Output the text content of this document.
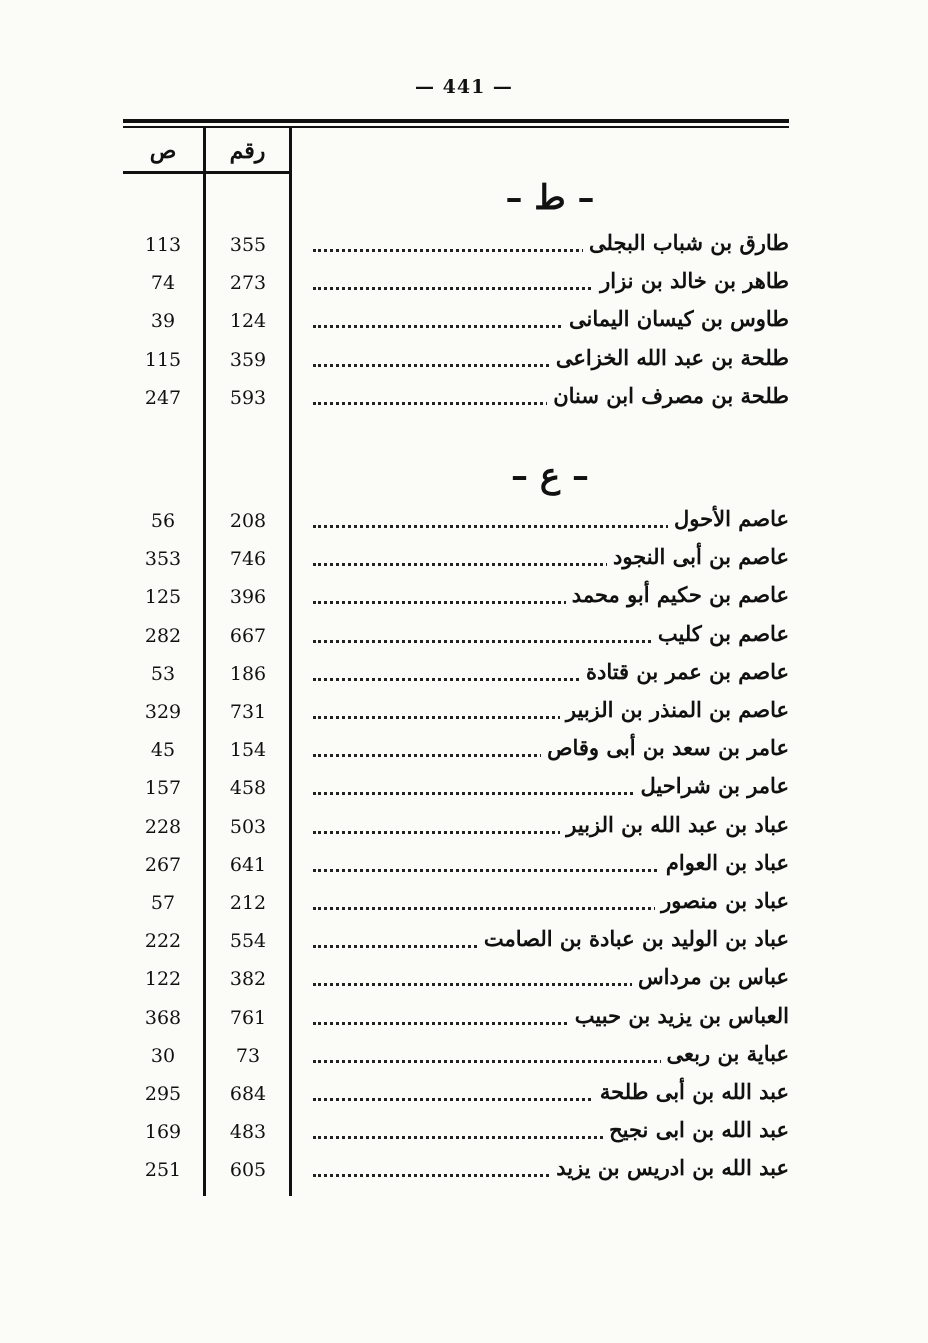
— 441 —
ص	رقم
– ط –
113	355	طارق بن شباب البجلى
74	273	طاهر بن خالد بن نزار
39	124	طاوس بن كيسان اليمانى
115	359	طلحة بن عبد الله الخزاعى
247	593	طلحة بن مصرف ابن سنان
– ع –
56	208	عاصم الأحول
353	746	عاصم بن أبى النجود
125	396	عاصم بن حكيم أبو محمد
282	667	عاصم بن كليب
53	186	عاصم بن عمر بن قتادة
329	731	عاصم بن المنذر بن الزبير
45	154	عامر بن سعد بن أبى وقاص
157	458	عامر بن شراحيل
228	503	عباد بن عبد الله بن الزبير
267	641	عباد بن العوام
57	212	عباد بن منصور
222	554	عباد بن الوليد بن عبادة بن الصامت
122	382	عباس بن مرداس
368	761	العباس بن يزيد بن حبيب
30	73	عباية بن ربعى
295	684	عبد الله بن أبى طلحة
169	483	عبد الله بن ابى نجيح
251	605	عبد الله بن ادريس بن يزيد
